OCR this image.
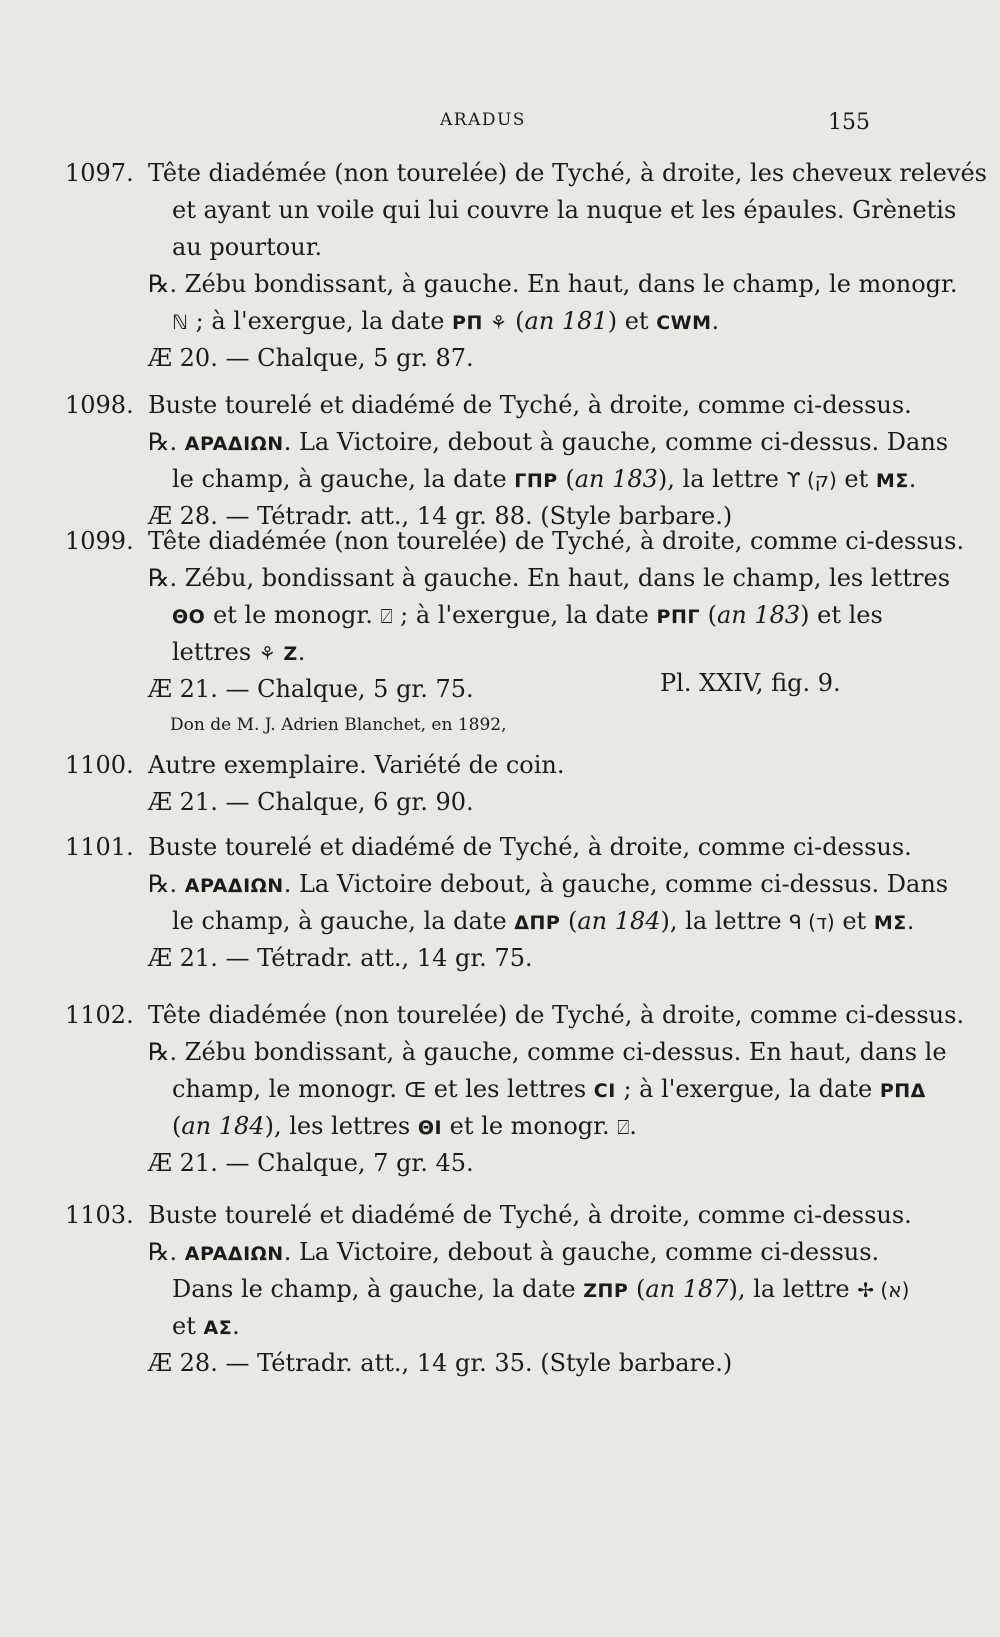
ARADUS	155
1097. Tête diadémée (non tourelée) de Tyché, à droite, les cheveux relevés
et ayant un voile qui lui couvre la nuque et les épaules. Grènetis
au pourtour.
℞. Zébu bondissant, à gauche. En haut, dans le champ, le monogr.
ℕ ; à l'exergue, la date PΠ ⚘ (an 181) et CWM.
Æ 20. — Chalque, 5 gr. 87.
1098. Buste tourelé et diadémé de Tyché, à droite, comme ci-dessus.
℞. APAΔIΩN. La Victoire, debout à gauche, comme ci-dessus. Dans
le champ, à gauche, la date ΓΠP (an 183), la lettre ϒ (ק) et MΣ.
Æ 28. — Tétradr. att., 14 gr. 88. (Style barbare.)
1099. Tête diadémée (non tourelée) de Tyché, à droite, comme ci-dessus.
℞. Zébu, bondissant à gauche. En haut, dans le champ, les lettres
ΘO et le monogr. ⍁ ; à l'exergue, la date PΠΓ (an 183) et les
lettres ⚘ Z.
Æ 21. — Chalque, 5 gr. 75.	Pl. XXIV, fig. 9.
Don de M. J. Adrien Blanchet, en 1892,
1100. Autre exemplaire. Variété de coin.
Æ 21. — Chalque, 6 gr. 90.
1101. Buste tourelé et diadémé de Tyché, à droite, comme ci-dessus.
℞. APAΔIΩN. La Victoire debout, à gauche, comme ci-dessus. Dans
le champ, à gauche, la date ΔΠP (an 184), la lettre ᑫ (ד) et MΣ.
Æ 21. — Tétradr. att., 14 gr. 75.
1102. Tête diadémée (non tourelée) de Tyché, à droite, comme ci-dessus.
℞. Zébu bondissant, à gauche, comme ci-dessus. En haut, dans le
champ, le monogr. Œ et les lettres CI ; à l'exergue, la date PΠΔ
(an 184), les lettres ΘI et le monogr. ⍁.
Æ 21. — Chalque, 7 gr. 45.
1103. Buste tourelé et diadémé de Tyché, à droite, comme ci-dessus.
℞. APAΔIΩN. La Victoire, debout à gauche, comme ci-dessus.
Dans le champ, à gauche, la date ZΠP (an 187), la lettre ✢ (א)
et AΣ.
Æ 28. — Tétradr. att., 14 gr. 35. (Style barbare.)
